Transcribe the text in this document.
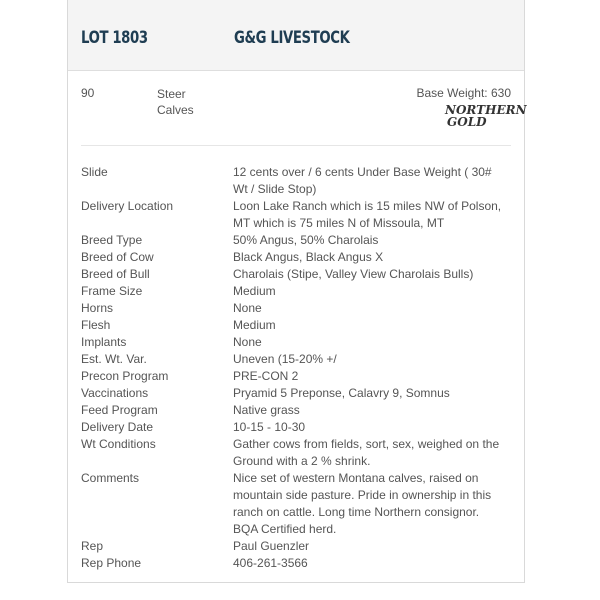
LOT 1803	G&G LIVESTOCK
90	Steer
Calves
Base Weight: 630
NORTHERN
GOLD
Slide	12 cents over / 6 cents Under Base Weight ( 30# Wt / Slide Stop)
Delivery Location	Loon Lake Ranch which is 15 miles NW of Polson, MT which is 75 miles N of Missoula, MT
Breed Type	50% Angus, 50% Charolais
Breed of Cow	Black Angus, Black Angus X
Breed of Bull	Charolais (Stipe, Valley View Charolais Bulls)
Frame Size	Medium
Horns	None
Flesh	Medium
Implants	None
Est. Wt. Var.	Uneven (15-20% +/
Precon Program	PRE-CON 2
Vaccinations	Pryamid 5 Preponse, Calavry 9, Somnus
Feed Program	Native grass
Delivery Date	10-15 - 10-30
Wt Conditions	Gather cows from fields, sort, sex, weighed on the Ground with a 2 % shrink.
Comments	Nice set of western Montana calves, raised on mountain side pasture. Pride in ownership in this ranch on cattle. Long time Northern consignor. BQA Certified herd.
Rep	Paul Guenzler
Rep Phone	406-261-3566
